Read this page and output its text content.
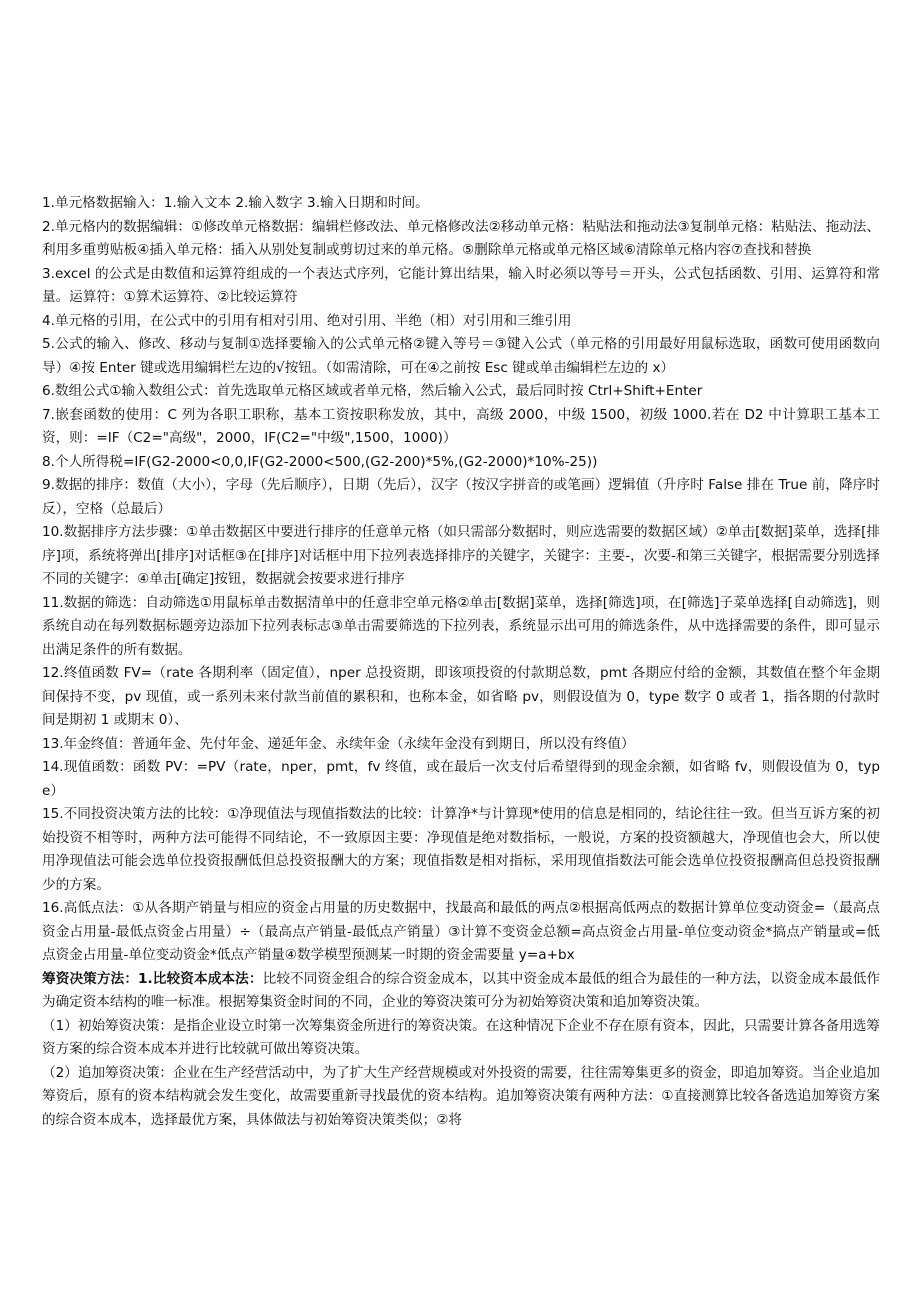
1.单元格数据输入：1.输入文本 2.输入数字 3.输入日期和时间。

2.单元格内的数据编辑：①修改单元格数据：编辑栏修改法、单元格修改法②移动单元格：粘贴法和拖动法③复制单元格：粘贴法、拖动法、利用多重剪贴板④插入单元格：插入从别处复制或剪切过来的单元格。⑤删除单元格或单元格区域⑥清除单元格内容⑦查找和替换

3.excel 的公式是由数值和运算符组成的一个表达式序列，它能计算出结果，输入时必须以等号＝开头，公式包括函数、引用、运算符和常量。运算符：①算术运算符、②比较运算符

4.单元格的引用，在公式中的引用有相对引用、绝对引用、半绝（相）对引用和三维引用

5.公式的输入、修改、移动与复制①选择要输入的公式单元格②键入等号＝③键入公式（单元格的引用最好用鼠标选取，函数可使用函数向导）④按 Enter 键或选用编辑栏左边的√按钮。（如需清除，可在④之前按 Esc 键或单击编辑栏左边的 x）

6.数组公式①输入数组公式：首先选取单元格区域或者单元格，然后输入公式，最后同时按 Ctrl+Shift+Enter

7.嵌套函数的使用：C 列为各职工职称，基本工资按职称发放，其中，高级 2000，中级 1500，初级 1000.若在 D2 中计算职工基本工资，则：=IF（C2="高级"，2000，IF(C2="中级",1500，1000)）

8.个人所得税=IF(G2-2000<0,0,IF(G2-2000<500,(G2-200)*5%,(G2-2000)*10%-25))

9.数据的排序：数值（大小），字母（先后顺序），日期（先后），汉字（按汉字拼音的或笔画）逻辑值（升序时 False 排在 True 前，降序时反），空格（总最后）

10.数据排序方法步骤：①单击数据区中要进行排序的任意单元格（如只需部分数据时，则应选需要的数据区域）②单击[数据]菜单，选择[排序]项，系统将弹出[排序]对话框③在[排序]对话框中用下拉列表选择排序的关键字，关键字：主要-，次要-和第三关键字，根据需要分别选择不同的关键字：④单击[确定]按钮，数据就会按要求进行排序

11.数据的筛选：自动筛选①用鼠标单击数据清单中的任意非空单元格②单击[数据]菜单，选择[筛选]项，在[筛选]子菜单选择[自动筛选]，则系统自动在每列数据标题旁边添加下拉列表标志③单击需要筛选的下拉列表，系统显示出可用的筛选条件，从中选择需要的条件，即可显示出满足条件的所有数据。

12.终值函数 FV=（rate 各期利率（固定值），nper 总投资期，即该项投资的付款期总数，pmt 各期应付给的金额，其数值在整个年金期间保持不变，pv 现值，或一系列未来付款当前值的累积和，也称本金，如省略 pv，则假设值为 0，type 数字 0 或者 1，指各期的付款时间是期初 1 或期末 0）、

13.年金终值：普通年金、先付年金、递延年金、永续年金（永续年金没有到期日，所以没有终值）

14.现值函数：函数 PV：=PV（rate，nper，pmt，fv 终值，或在最后一次支付后希望得到的现金余额，如省略 fv，则假设值为 0，type）

15.不同投资决策方法的比较：①净现值法与现值指数法的比较：计算净*与计算现*使用的信息是相同的，结论往往一致。但当互诉方案的初始投资不相等时，两种方法可能得不同结论，不一致原因主要：净现值是绝对数指标，一般说，方案的投资额越大，净现值也会大，所以使用净现值法可能会选单位投资报酬低但总投资报酬大的方案；现值指数是相对指标，采用现值指数法可能会选单位投资报酬高但总投资报酬少的方案。

16.高低点法：①从各期产销量与相应的资金占用量的历史数据中，找最高和最低的两点②根据高低两点的数据计算单位变动资金=（最高点资金占用量-最低点资金占用量）÷（最高点产销量-最低点产销量）③计算不变资金总额=高点资金占用量-单位变动资金*搞点产销量或=低点资金占用量-单位变动资金*低点产销量④数学模型预测某一时期的资金需要量 y=a+bx

筹资决策方法：1.比较资本成本法：比较不同资金组合的综合资金成本，以其中资金成本最低的组合为最佳的一种方法，以资金成本最低作为确定资本结构的唯一标准。根据筹集资金时间的不同，企业的筹资决策可分为初始筹资决策和追加筹资决策。

（1）初始筹资决策：是指企业设立时第一次筹集资金所进行的筹资决策。在这种情况下企业不存在原有资本，因此，只需要计算各备用选筹资方案的综合资本成本并进行比较就可做出筹资决策。

（2）追加筹资决策：企业在生产经营活动中，为了扩大生产经营规模或对外投资的需要，往往需筹集更多的资金，即追加筹资。当企业追加筹资后，原有的资本结构就会发生变化，故需要重新寻找最优的资本结构。追加筹资决策有两种方法：①直接测算比较各备选追加筹资方案的综合资本成本，选择最优方案，具体做法与初始筹资决策类似；②将
